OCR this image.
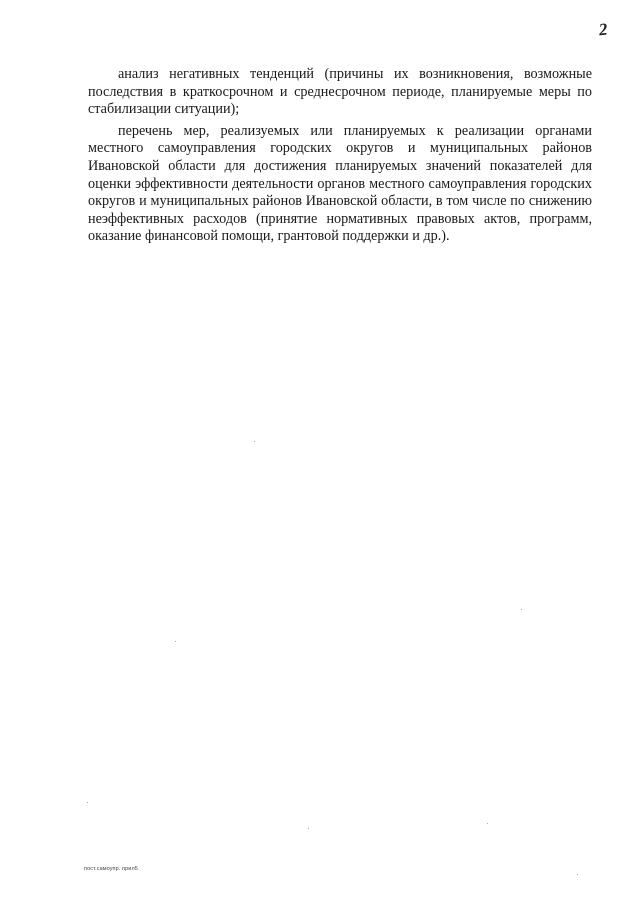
2

анализ негативных тенденций (причины их возникновения, возможные последствия в краткосрочном и среднесрочном периоде, планируемые меры по стабилизации ситуации);

перечень мер, реализуемых или планируемых к реализации органами местного самоуправления городских округов и муниципальных районов Ивановской области для достижения планируемых значений показателей для оценки эффективности деятельности органов местного самоуправления городских округов и муниципальных районов Ивановской области, в том числе по снижению неэффективных расходов (принятие нормативных правовых актов, программ, оказание финансовой помощи, грантовой поддержки и др.).

пост.самоупр. прил5
